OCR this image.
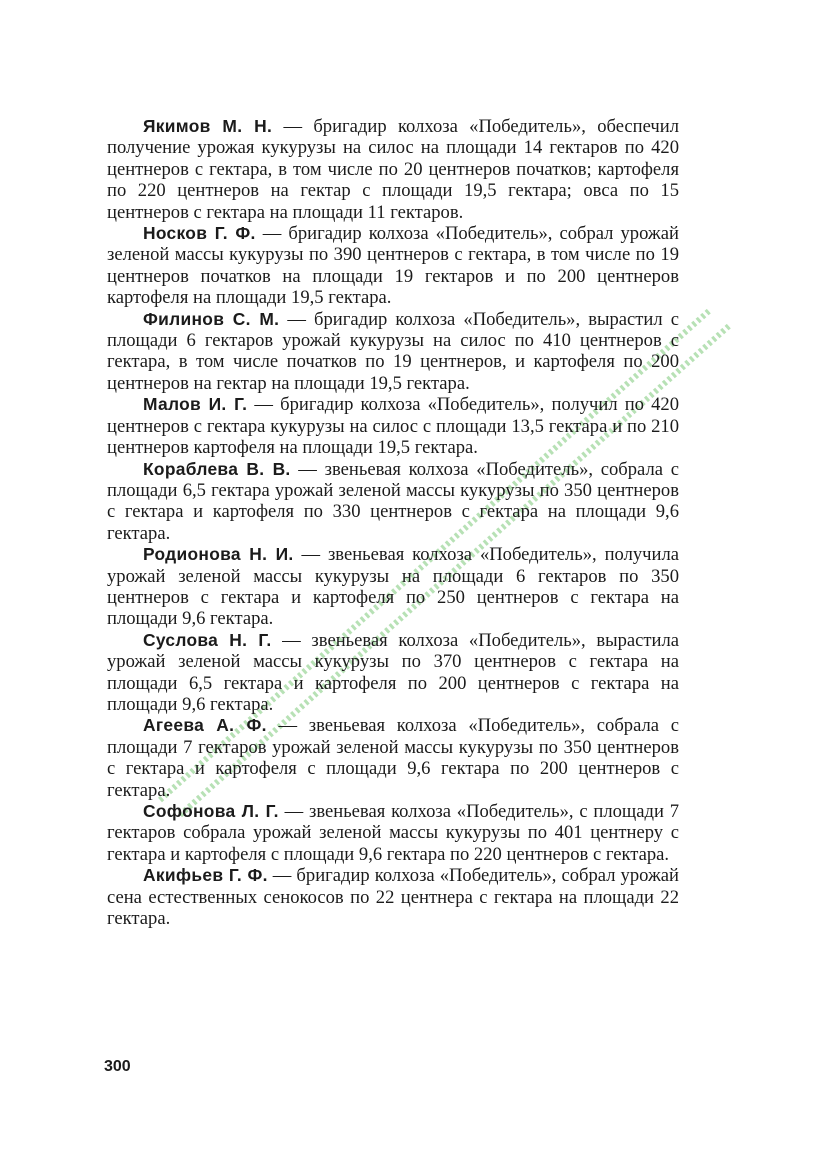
Якимов М. Н. — бригадир колхоза «Победитель», обеспечил получение урожая кукурузы на силос на площади 14 гектаров по 420 центнеров с гектара, в том числе по 20 центнеров початков; картофеля по 220 центнеров на гектар с площади 19,5 гектара; овса по 15 центнеров с гектара на площади 11 гектаров.

Носков Г. Ф. — бригадир колхоза «Победитель», собрал урожай зеленой массы кукурузы по 390 центнеров с гектара, в том числе по 19 центнеров початков на площади 19 гектаров и по 200 центнеров картофеля на площади 19,5 гектара.

Филинов С. М. — бригадир колхоза «Победитель», вырастил с площади 6 гектаров урожай кукурузы на силос по 410 центнеров с гектара, в том числе початков по 19 центнеров, и картофеля по 200 центнеров на гектар на площади 19,5 гектара.

Малов И. Г. — бригадир колхоза «Победитель», получил по 420 центнеров с гектара кукурузы на силос с площади 13,5 гектара и по 210 центнеров картофеля на площади 19,5 гектара.

Кораблева В. В. — звеньевая колхоза «Победитель», собрала с площади 6,5 гектара урожай зеленой массы кукурузы по 350 центнеров с гектара и картофеля по 330 центнеров с гектара на площади 9,6 гектара.

Родионова Н. И. — звеньевая колхоза «Победитель», получила урожай зеленой массы кукурузы на площади 6 гектаров по 350 центнеров с гектара и картофеля по 250 центнеров с гектара на площади 9,6 гектара.

Суслова Н. Г. — звеньевая колхоза «Победитель», вырастила урожай зеленой массы кукурузы по 370 центнеров с гектара на площади 6,5 гектара и картофеля по 200 центнеров с гектара на площади 9,6 гектара.

Агеева А. Ф. — звеньевая колхоза «Победитель», собрала с площади 7 гектаров урожай зеленой массы кукурузы по 350 центнеров с гектара и картофеля с площади 9,6 гектара по 200 центнеров с гектара.

Софонова Л. Г. — звеньевая колхоза «Победитель», с площади 7 гектаров собрала урожай зеленой массы кукурузы по 401 центнеру с гектара и картофеля с площади 9,6 гектара по 220 центнеров с гектара.

Акифьев Г. Ф. — бригадир колхоза «Победитель», собрал урожай сена естественных сенокосов по 22 центнера с гектара на площади 22 гектара.

300
